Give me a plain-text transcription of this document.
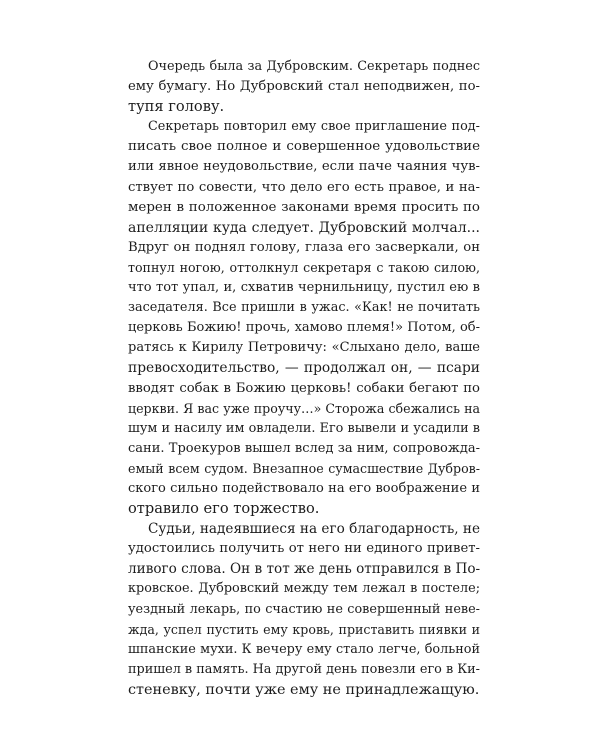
Очередь была за Дубровским. Секретарь поднес
ему бумагу. Но Дубровский стал неподвижен, по-
тупя голову.
Секретарь повторил ему свое приглашение под-
писать свое полное и совершенное удовольствие
или явное неудовольствие, если паче чаяния чув-
ствует по совести, что дело его есть правое, и на-
мерен в положенное законами время просить по
апелляции куда следует. Дубровский молчал...
Вдруг он поднял голову, глаза его засверкали, он
топнул ногою, оттолкнул секретаря с такою силою,
что тот упал, и, схватив чернильницу, пустил ею в
заседателя. Все пришли в ужас. «Как! не почитать
церковь Божию! прочь, хамово племя!» Потом, об-
ратясь к Кирилу Петровичу: «Слыхано дело, ваше
превосходительство, — продолжал он, — псари
вводят собак в Божию церковь! собаки бегают по
церкви. Я вас уже проучу…» Сторожа сбежались на
шум и насилу им овладели. Его вывели и усадили в
сани. Троекуров вышел вслед за ним, сопровожда-
емый всем судом. Внезапное сумасшествие Дубров-
ского сильно подействовало на его воображение и
отравило его торжество.
Судьи, надеявшиеся на его благодарность, не
удостоились получить от него ни единого привет-
ливого слова. Он в тот же день отправился в По-
кровское. Дубровский между тем лежал в постеле;
уездный лекарь, по счастию не совершенный неве-
жда, успел пустить ему кровь, приставить пиявки и
шпанские мухи. К вечеру ему стало легче, больной
пришел в память. На другой день повезли его в Ки-
стеневку, почти уже ему не принадлежащую.
